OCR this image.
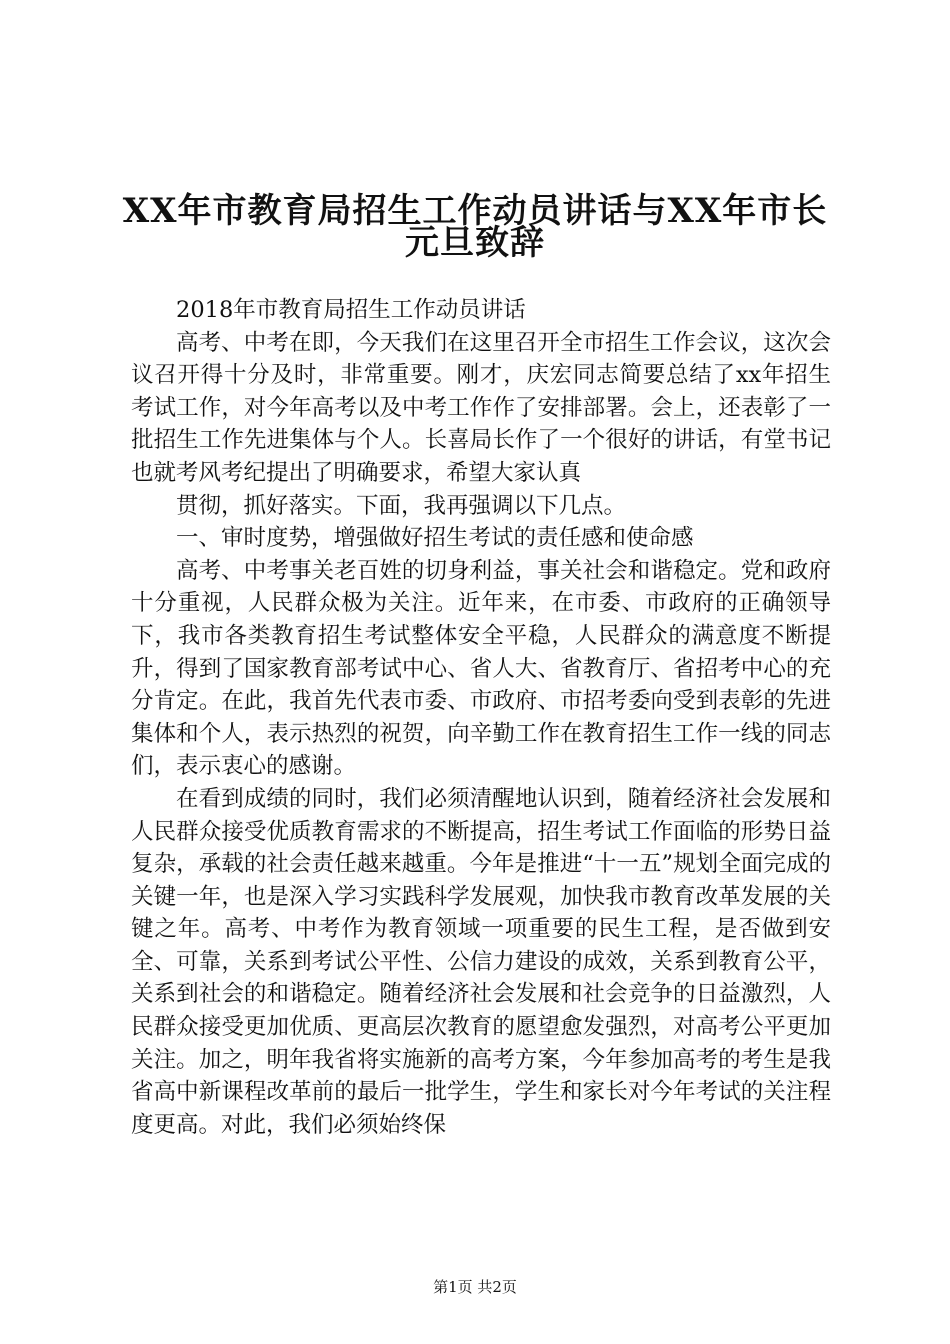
XX年市教育局招生工作动员讲话与XX年市长
元旦致辞

2018年市教育局招生工作动员讲话

高考、中考在即，今天我们在这里召开全市招生工作会议，这次会议召开得十分及时，非常重要。刚才，庆宏同志简要总结了xx年招生考试工作，对今年高考以及中考工作作了安排部署。会上，还表彰了一批招生工作先进集体与个人。长喜局长作了一个很好的讲话，有堂书记也就考风考纪提出了明确要求，希望大家认真

贯彻，抓好落实。下面，我再强调以下几点。

一、审时度势，增强做好招生考试的责任感和使命感

高考、中考事关老百姓的切身利益，事关社会和谐稳定。党和政府十分重视，人民群众极为关注。近年来，在市委、市政府的正确领导下，我市各类教育招生考试整体安全平稳，人民群众的满意度不断提升，得到了国家教育部考试中心、省人大、省教育厅、省招考中心的充分肯定。在此，我首先代表市委、市政府、市招考委向受到表彰的先进集体和个人，表示热烈的祝贺，向辛勤工作在教育招生工作一线的同志们，表示衷心的感谢。

在看到成绩的同时，我们必须清醒地认识到，随着经济社会发展和人民群众接受优质教育需求的不断提高，招生考试工作面临的形势日益复杂，承载的社会责任越来越重。今年是推进“十一五”规划全面完成的关键一年，也是深入学习实践科学发展观，加快我市教育改革发展的关键之年。高考、中考作为教育领域一项重要的民生工程，是否做到安全、可靠，关系到考试公平性、公信力建设的成效，关系到教育公平，关系到社会的和谐稳定。随着经济社会发展和社会竞争的日益激烈，人民群众接受更加优质、更高层次教育的愿望愈发强烈，对高考公平更加关注。加之，明年我省将实施新的高考方案，今年参加高考的考生是我省高中新课程改革前的最后一批学生，学生和家长对今年考试的关注程度更高。对此，我们必须始终保

第1页 共2页
